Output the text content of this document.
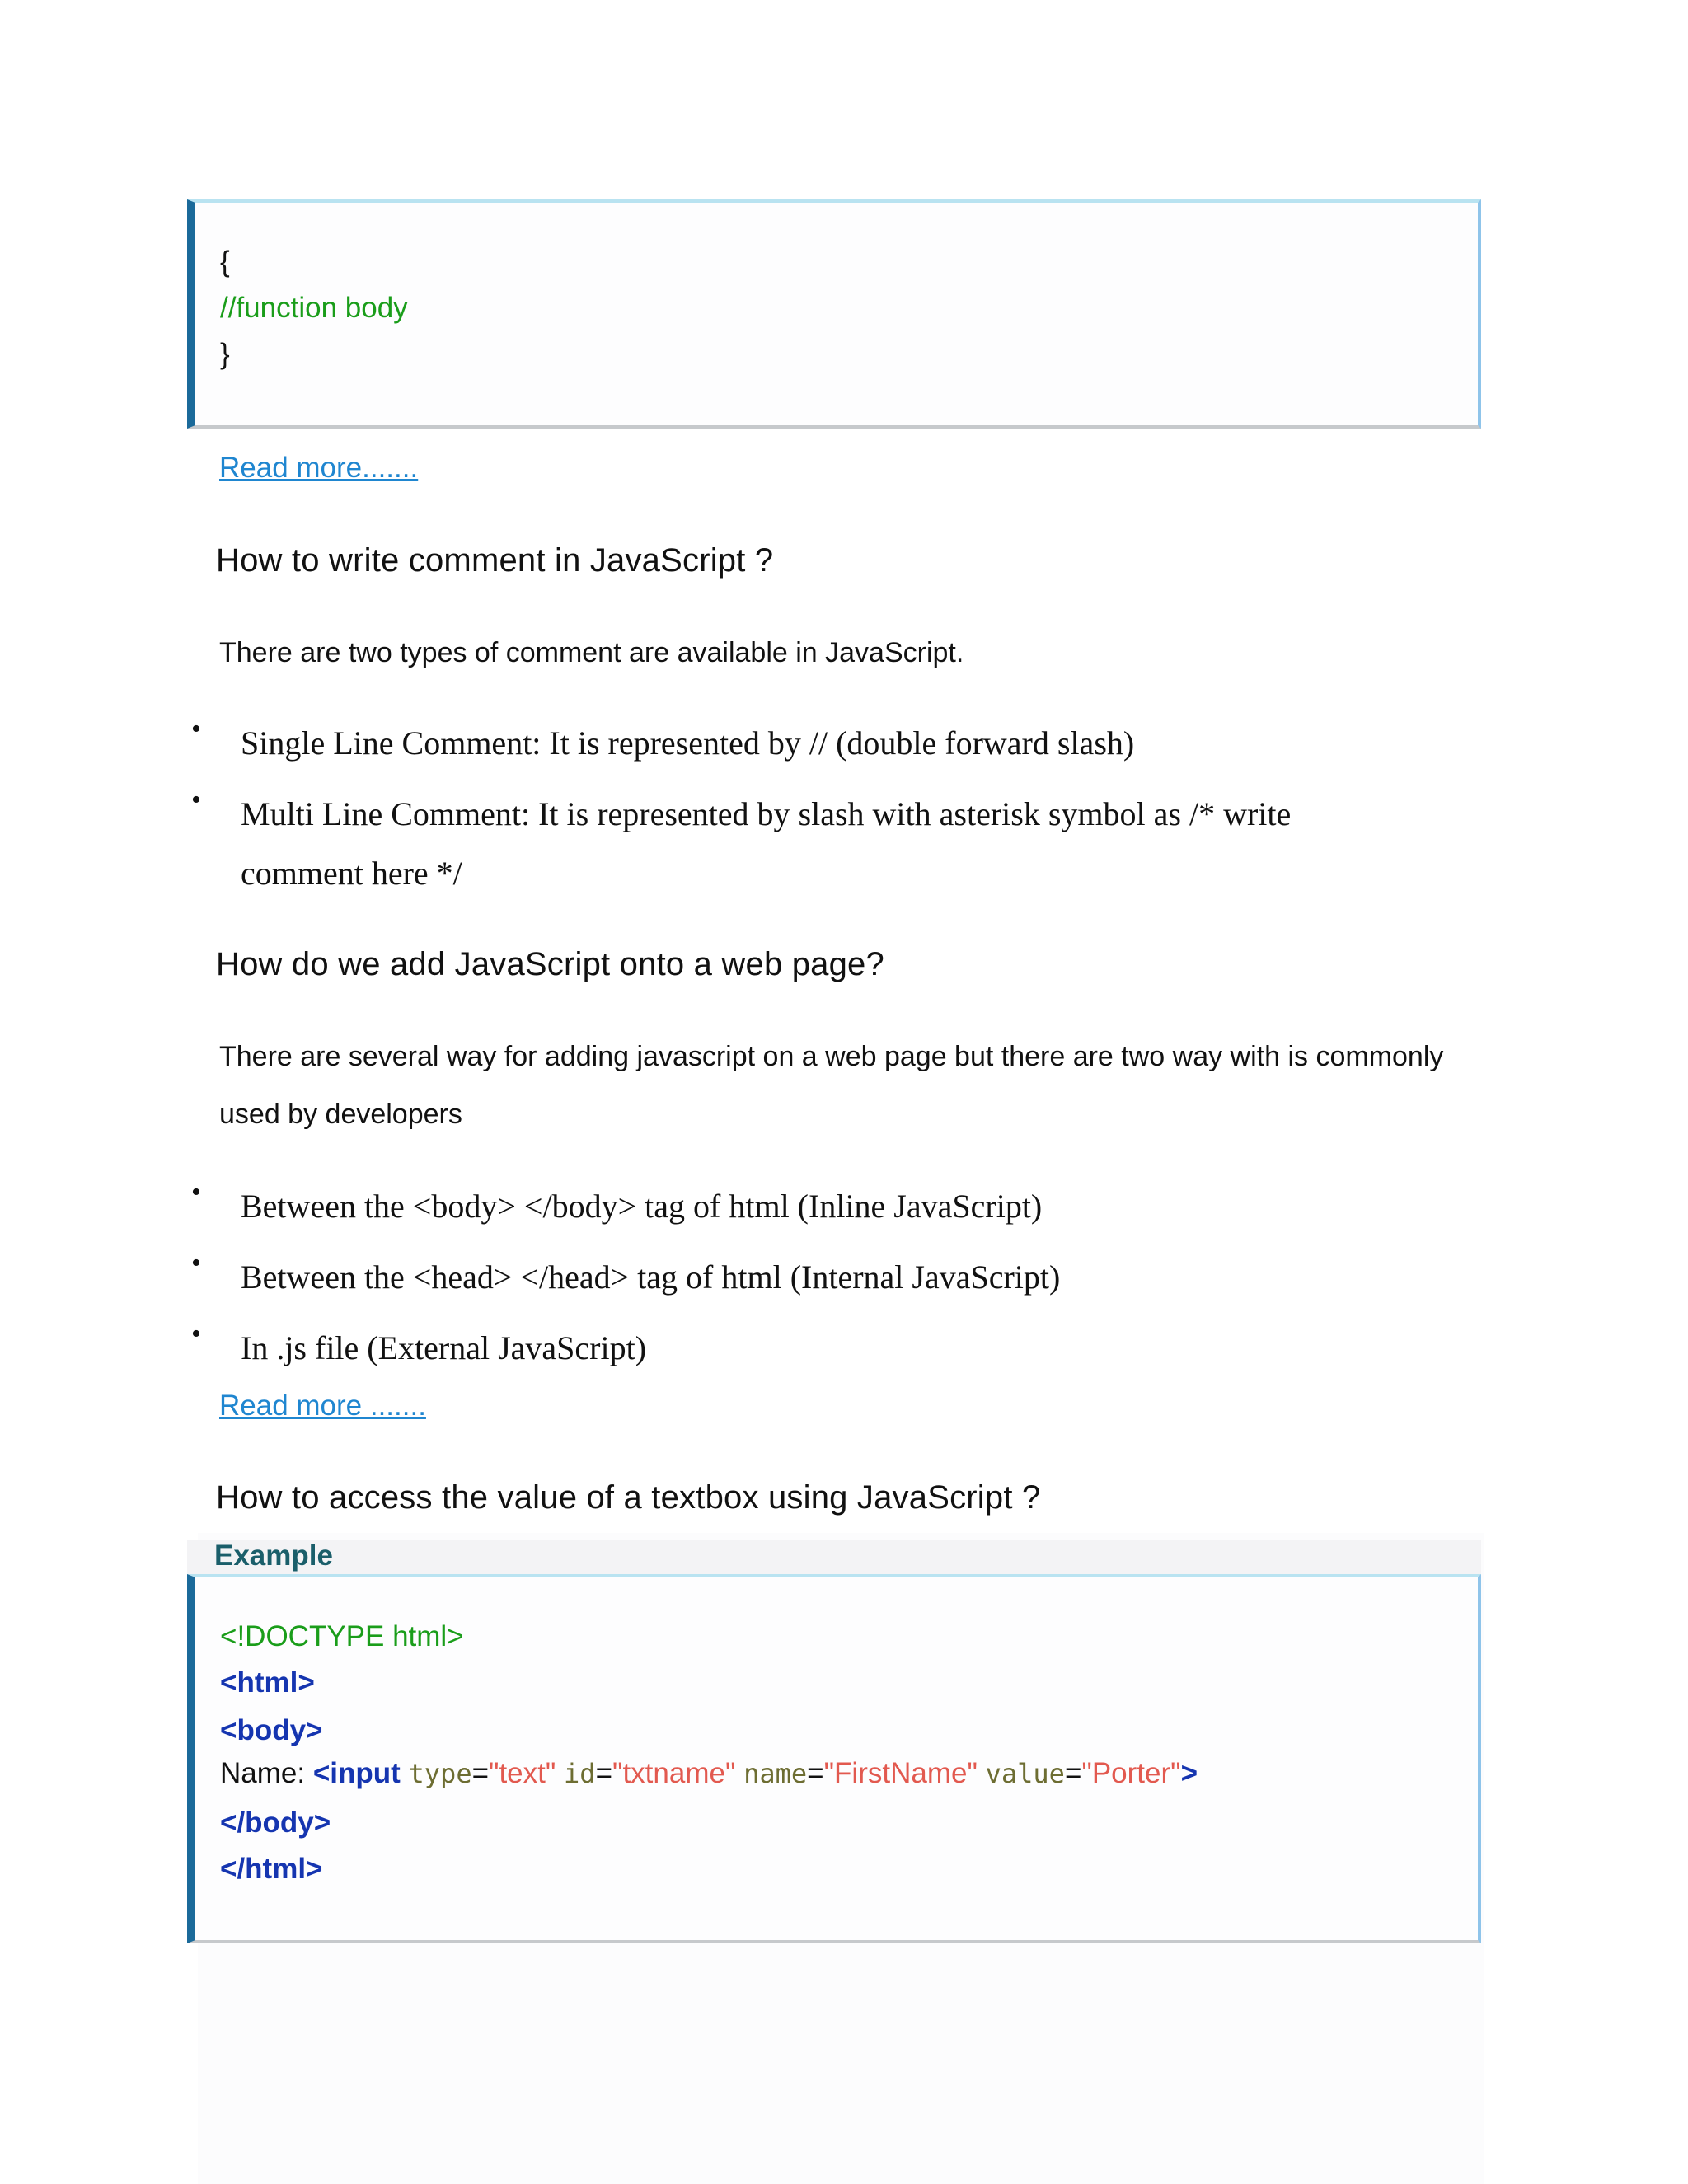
{
//function body
}
Read more.......
How to write comment in JavaScript ?
There are two types of comment are available in JavaScript.
• Single Line Comment: It is represented by // (double forward slash)
• Multi Line Comment: It is represented by slash with asterisk symbol as /* write comment here */
How do we add JavaScript onto a web page?
There are several way for adding javascript on a web page but there are two way with is commonly used by developers
• Between the <body> </body> tag of html (Inline JavaScript)
• Between the <head> </head> tag of html (Internal JavaScript)
• In .js file (External JavaScript)
Read more .......
How to access the value of a textbox using JavaScript ?
Example
<!DOCTYPE html>
<html>
<body>
Name: <input type="text" id="txtname" name="FirstName" value="Porter">
</body>
</html>
